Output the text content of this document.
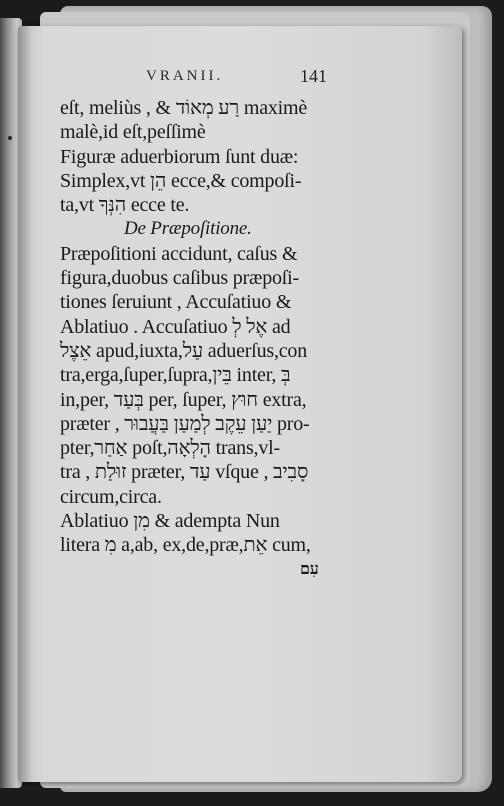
VRANII.	141
eſt, meliùs , & רַע מְאוֹד maximè
malè,id eſt,peſſimè
Figuræ aduerbiorum ſunt duæ:
Simplex,vt הֵן ecce,& compoſi-
ta,vt הִנְּךָ ecce te.
De Præpoſitione.
Præpoſitioni accidunt, caſus &
figura,duobus caſibus præpoſi-
tiones ſeruiunt , Accuſatiuo &
Ablatiuo . Accuſatiuo אֶל לְ ad
אֵצֶל apud,iuxta,עַל aduerſus,con
tra,erga,ſuper,ſupra,בֵּין inter, בְּ
in,per, בְּעַד per, ſuper, חוּץ extra,
præter , יַעַן עֵקֶב לְמַעַן בַּעֲבוּר pro-
pter,אַחַר poſt,הָלְאָה trans,vl-
tra , זוּלַת præter, עַד vſque , סָבִיב
circum,circa.
Ablatiuo מִן & adempta Nun
litera מִ a,ab, ex,de,præ,אֵת cum,
עִם
